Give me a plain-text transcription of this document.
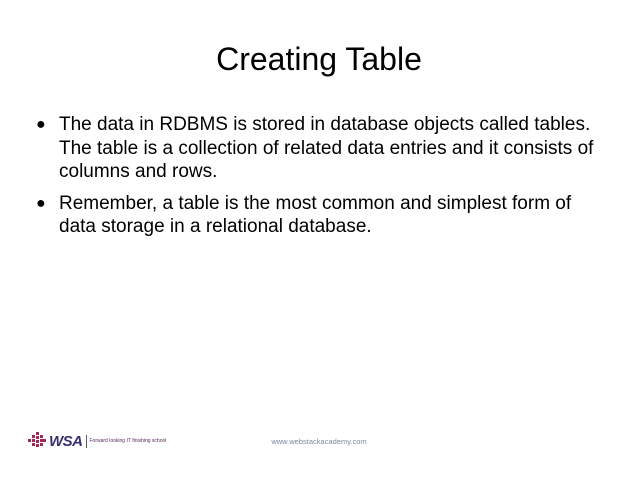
Creating Table
● The data in RDBMS is stored in database objects called tables. The table is a collection of related data entries and it consists of columns and rows.
● Remember, a table is the most common and simplest form of data storage in a relational database.
WSA Forward looking IT finishing school	www.webstackacademy.com
